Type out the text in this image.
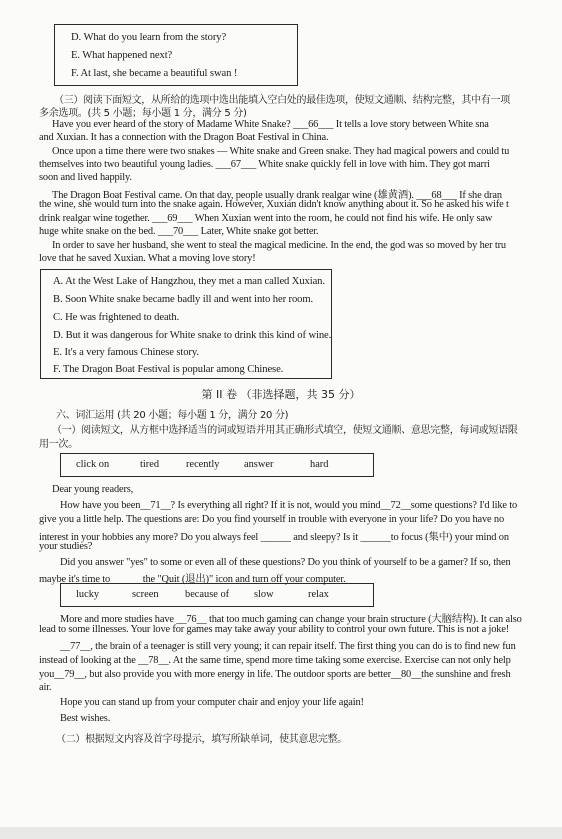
D. What do you learn from the story?
E. What happened next?
F. At last, she became a beautiful swan !
（三）阅读下面短文，从所给的选项中选出能填入空白处的最佳选项，使短文通顺、结构完整，其中有一项
多余选项。(共 5 小题；每小题 1 分，满分 5 分)
Have you ever heard of the story of Madame White Snake? ___66___ It tells a love story between White sna
and Xuxian. It has a connection with the Dragon Boat Festival in China.
Once upon a time there were two snakes — White snake and Green snake. They had magical powers and could tu
themselves into two beautiful young ladies. ___67___ White snake quickly fell in love with him. They got marri
soon and lived happily.
The Dragon Boat Festival came. On that day, people usually drank realgar wine (雄黄酒). ___68___ If she dran
the wine, she would turn into the snake again. However, Xuxian didn't know anything about it. So he asked his wife t
drink realgar wine together. ___69___ When Xuxian went into the room, he could not find his wife. He only saw
huge white snake on the bed. ___70___ Later, White snake got better.
In order to save her husband, she went to steal the magical medicine. In the end, the god was so moved by her tru
love that he saved Xuxian. What a moving love story!
A. At the West Lake of Hangzhou, they met a man called Xuxian.
B. Soon White snake became badly ill and went into her room.
C. He was frightened to death.
D. But it was dangerous for White snake to drink this kind of wine.
E. It's a very famous Chinese story.
F. The Dragon Boat Festival is popular among Chinese.
第 II 卷 （非选择题，共 35 分）
六、词汇运用 (共 20 小题；每小题 1 分，满分 20 分)
（一）阅读短文，从方框中选择适当的词或短语并用其正确形式填空，使短文通顺、意思完整，每词或短语限
用一次。
click on	tired	recently answer	hard
Dear young readers,
How have you been__71__? Is everything all right? If it is not, would you mind__72__some questions? I'd like to
give you a little help. The questions are: Do you find yourself in trouble with everyone in your life? Do you have no
interest in your hobbies any more? Do you always feel ______ and sleepy? Is it ______to focus (集中) your mind on
your studies?
Did you answer "yes" to some or even all of these questions? Do you think of yourself to be a gamer? If so, then
maybe it's time to ______the "Quit (退出)" icon and turn off your computer.
lucky	screen	because of slow	relax
More and more studies have __76__ that too much gaming can change your brain structure (大脑结构). It can also
lead to some illnesses. Your love for games may take away your ability to control your own future. This is not a joke!
__77__, the brain of a teenager is still very young; it can repair itself. The first thing you can do is to find new fun
instead of looking at the __78__. At the same time, spend more time taking some exercise. Exercise can not only help
you__79__, but also provide you with more energy in life. The outdoor sports are better__80__the sunshine and fresh
air.
Hope you can stand up from your computer chair and enjoy your life again!
Best wishes.
（二）根据短文内容及首字母提示，填写所缺单词，使其意思完整。
